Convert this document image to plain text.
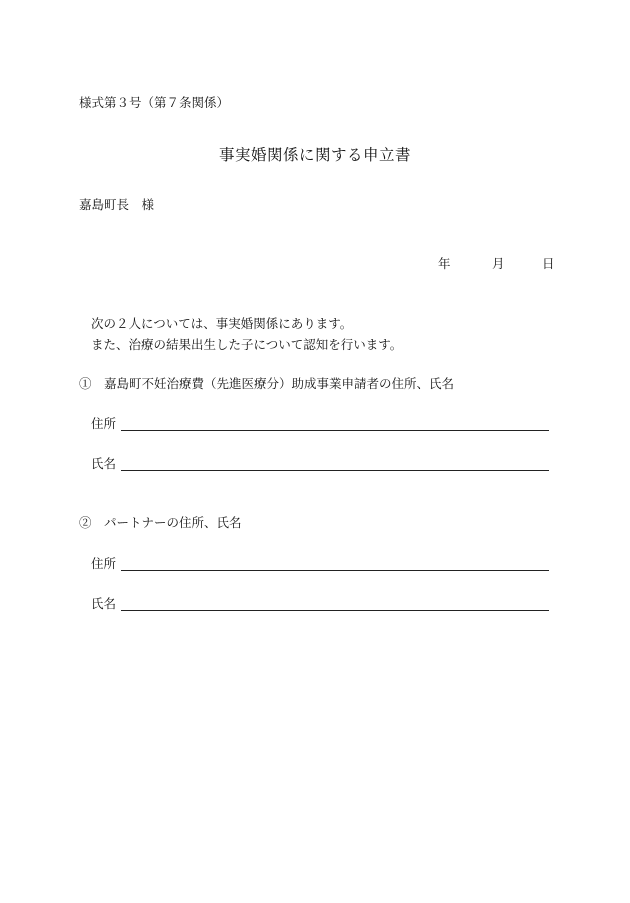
様式第３号（第７条関係）
事実婚関係に関する申立書
嘉島町長　様
年	月	日
次の２人については、事実婚関係にあります。
また、治療の結果出生した子について認知を行います。
①　嘉島町不妊治療費（先進医療分）助成事業申請者の住所、氏名
住所
氏名
②　パートナーの住所、氏名
住所
氏名
